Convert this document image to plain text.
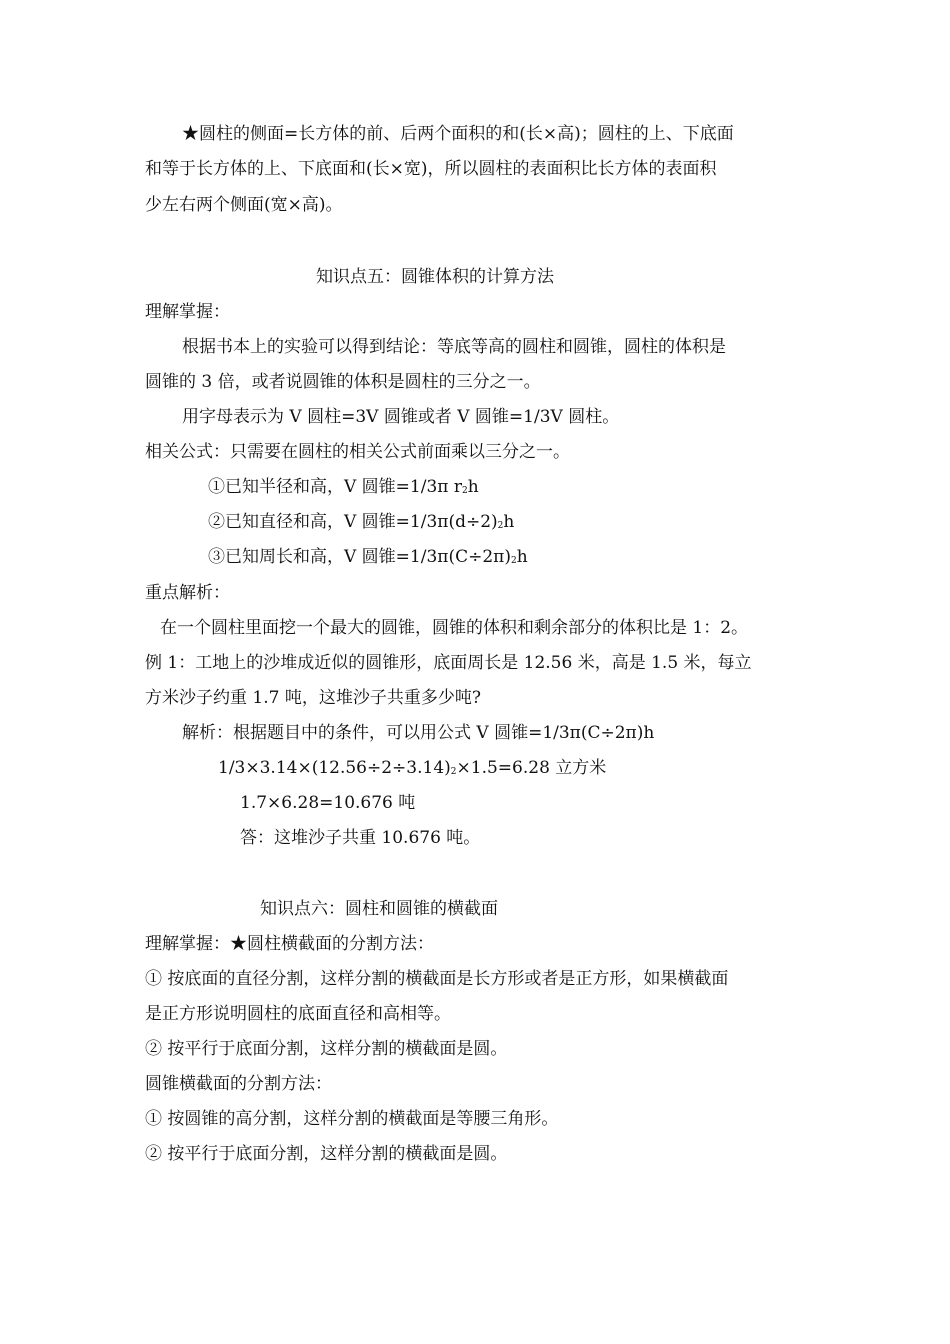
★圆柱的侧面=长方体的前、后两个面积的和(长×高)；圆柱的上、下底面
和等于长方体的上、下底面和(长×宽)，所以圆柱的表面积比长方体的表面积
少左右两个侧面(宽×高)。
知识点五：圆锥体积的计算方法
理解掌握：
根据书本上的实验可以得到结论：等底等高的圆柱和圆锥，圆柱的体积是
圆锥的 3 倍，或者说圆锥的体积是圆柱的三分之一。
用字母表示为 V 圆柱=3V 圆锥或者 V 圆锥=1/3V 圆柱。
相关公式：只需要在圆柱的相关公式前面乘以三分之一。
①已知半径和高，V 圆锥=1/3π r2h
②已知直径和高，V 圆锥=1/3π(d÷2)2h
③已知周长和高，V 圆锥=1/3π(C÷2π)2h
重点解析：
在一个圆柱里面挖一个最大的圆锥，圆锥的体积和剩余部分的体积比是 1：2。
例 1：工地上的沙堆成近似的圆锥形，底面周长是 12.56 米，高是 1.5 米，每立
方米沙子约重 1.7 吨，这堆沙子共重多少吨?
解析：根据题目中的条件，可以用公式 V 圆锥=1/3π(C÷2π)h
1/3×3.14×(12.56÷2÷3.14)2×1.5=6.28 立方米
1.7×6.28=10.676 吨
答：这堆沙子共重 10.676 吨。
知识点六：圆柱和圆锥的横截面
理解掌握：★圆柱横截面的分割方法：
① 按底面的直径分割，这样分割的横截面是长方形或者是正方形，如果横截面
是正方形说明圆柱的底面直径和高相等。
② 按平行于底面分割，这样分割的横截面是圆。
圆锥横截面的分割方法：
① 按圆锥的高分割，这样分割的横截面是等腰三角形。
② 按平行于底面分割，这样分割的横截面是圆。
